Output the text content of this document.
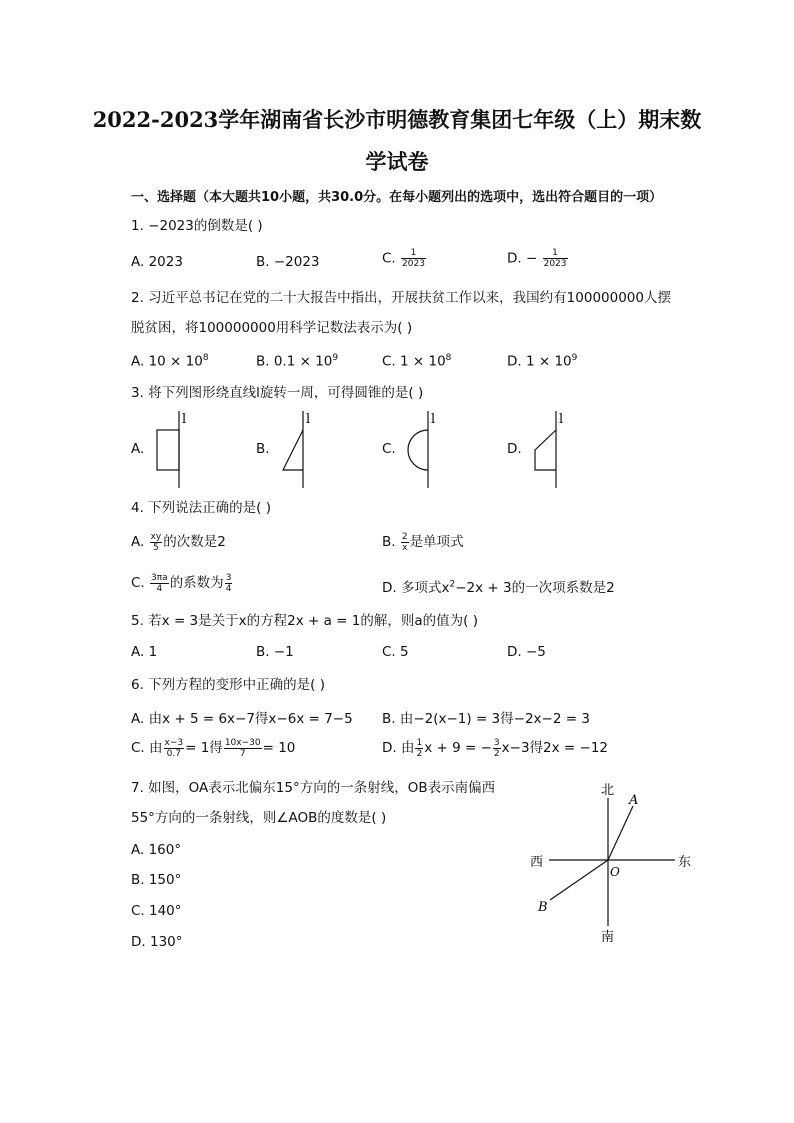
2022-2023学年湖南省长沙市明德教育集团七年级（上）期末数
学试卷
一、选择题（本大题共10小题，共30.0分。在每小题列出的选项中，选出符合题目的一项）
1. −2023的倒数是( )
A. 2023	B. −2023	C. $\frac{1}{2023}$	D. − $\frac{1}{2023}$
2. 习近平总书记在党的二十大报告中指出，开展扶贫工作以来，我国约有100000000人摆
脱贫困，将100000000用科学记数法表示为( )
A. $10 \times 10^8$	B. $0.1 \times 10^9$	C. $1 \times 10^8$	D. $1 \times 10^9$
3. 将下列图形绕直线l旋转一周，可得圆锥的是( )
A.	B.	C.	D.
l	l	l	l
4. 下列说法正确的是( )
A. $\frac{xy}{5}$ 的次数是2	B. $\frac{2}{x}$ 是单项式
C. $\frac{3\pi a}{4}$ 的系数为 $\frac{3}{4}$	D. 多项式$x^2-2x + 3$的一次项系数是2
5. 若x = 3是关于x的方程2x + a = 1的解，则a的值为( )
A. 1	B. −1	C. 5	D. −5
6. 下列方程的变形中正确的是( )
A. 由x + 5 = 6x−7得x−6x = 7−5 B. 由−2(x−1) = 3得−2x−2 = 3
C. 由 $\frac{x-3}{0.7} = 1$得 $\frac{10x-30}{7} = 10$	D. 由 $\frac{1}{2}$ x + 9 = − $\frac{3}{2} x-3$得2x = −12
7. 如图，OA表示北偏东15°方向的一条射线，OB表示南偏西
55°方向的一条射线，则∠AOB的度数是( )
A. 160°
B. 150°
C. 140°
D. 130°
北
南
东
西
A
B
O
